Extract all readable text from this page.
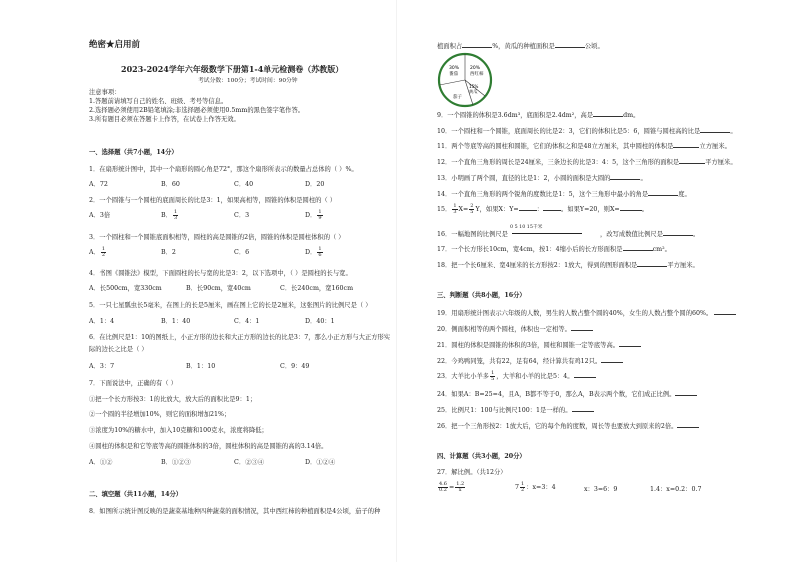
绝密★启用前
2023-2024学年六年级数学下册第1-4单元检测卷（苏教版）
考试分数：100分；考试时间：90分钟
注意事项：
1.答题前请填写自己的姓名、班级、考号等信息。
2.选择题必须使用2B铅笔填涂;非选择题必须使用0.5mm的黑色签字笔作答。
3.所有题目必须在答题卡上作答，在试卷上作答无效。
一、选择题（共7小题，14分）
1．在扇形统计图中，其中一个扇形的圆心角是72°，那这个扇形所表示的数量占总体的（ ）%。
A．72	B．60	C．40	D．20
2．一个圆锥与一个圆柱的底面周长的比是3：1，如果高相等，圆锥的体积是圆柱的（ ）
A．3倍	B． $\frac{1}{3}$	C．3	D． $\frac{1}{9}$
3．一个圆柱和一个圆锥底面积相等，圆柱的高是圆锥的2倍，圆锥的体积是圆柱体积的（ ）
A． $\frac{1}{2}$	B．2	C．6	D． $\frac{1}{6}$
4．书图《圆锥法》模型，下面圆柱的长与宽的比是3：2，以下选项中，（ ）是圆柱的长与宽。
A．长500cm，宽330cm	B．长90cm，宽40cm	C．长240cm，宽160cm
5．一只七星瓢虫长5毫米，在图上的长是5厘米，画在图上它的长是2厘米，这张图片的比例尺是（ ）
A．1：4	B．1：40	C．4：1	D．40：1
6．在比例尺是1：10的图纸上，小正方形的边长和大正方形的边长的比是3：7，那么小正方形与大正方形实
际的边长之比是（ ）
A．3：7	B．1：10	C．9：49
7．下面说法中，正确的有（ ）
①把一个长方形按3：1的比放大，放大后的面积比是9：1；
②一个圆的半径增加10%，则它的面积增加21%；
③浓度为10%的糖水中，加入10克糖和100克水，浓度将降低；
④圆柱的体积是和它等底等高的圆锥体积的3倍，圆柱体积的高是圆锥的高的3.14倍。
A．①②	B．①②③	C．②③④	D．①②④
二、填空题（共11小题，14分）
8．如图所示统计图反映的是蔬菜基地种四种蔬菜的面积情况，其中西红柿的种植面积是4公顷，茄子的种
植面积占	%，黄瓜的种植面积是	公顷。
30%
番茄
20%
西红柿
15%
黄瓜
茄子
9．一个圆锥的体积是3.6dm³，底面积是2.4dm²，高是	dm。
10．一个圆柱和一个圆锥，底面周长的比是2：3，它们的体积比是5：6，圆锥与圆柱高的比是	。
11．两个等底等高的圆柱和圆锥，它们的体积之和是48立方厘米，其中圆柱的体积是	立方厘米。
12．一个直角三角形的周长是24厘米，三条边长的比是3：4：5，这个三角形的面积是	平方厘米。
13．小明画了两个圆，直径的比是1：2，小圆的面积是大圆的	。
14．一个直角三角形的两个锐角的度数比是1：5，这个三角形中最小的角是	度。
15． $\frac{1}{3} X= \frac{2}{5}$ Y，如果X：Y=	：	。如果Y=20，则X=	。
16．一幅地图的比例尺是
0 5 10 15千米
，改写成数值比例尺是	。
17．一个长方形长10cm，宽4cm，按1：4缩小后的长方形面积是	cm²。
18．把一个长6厘米、宽4厘米的长方形按2：1放大，得到的图形面积是	平方厘米。
三、判断题（共8小题，16分）
19．用扇形统计图表示六年级的人数，男生的人数占整个圆的40%，女生的人数占整个圆的60%。
20．侧面积相等的两个圆柱，体积也一定相等。
21．圆柱的体积是圆锥的体积的3倍，圆柱和圆锥一定等底等高。
22．今鸡鸭同笼，共有22，足有64，经计算共有鸡12只。
23．大羊比小羊多 $\frac{1}{5}$ ，大羊和小羊的比是5：4。
24．如果A：B=25=4，且A，B都不等于0，那么A，B表示两个数，它们成正比例。
25．比例尺1：100与比例尺100：1是一样的。
26．把一个三角形按2：1放大后，它的每个角的度数，周长等也要放大到原来的2倍。
四、计算题（共3小题，20分）
27．解比例。（共12分）
$\frac{4.6}{0.2} = \frac{1.2}{x}$	$7 \frac{1}{2}$ ：x=3：4	x：3=6：9	1.4：x=0.2：0.7
